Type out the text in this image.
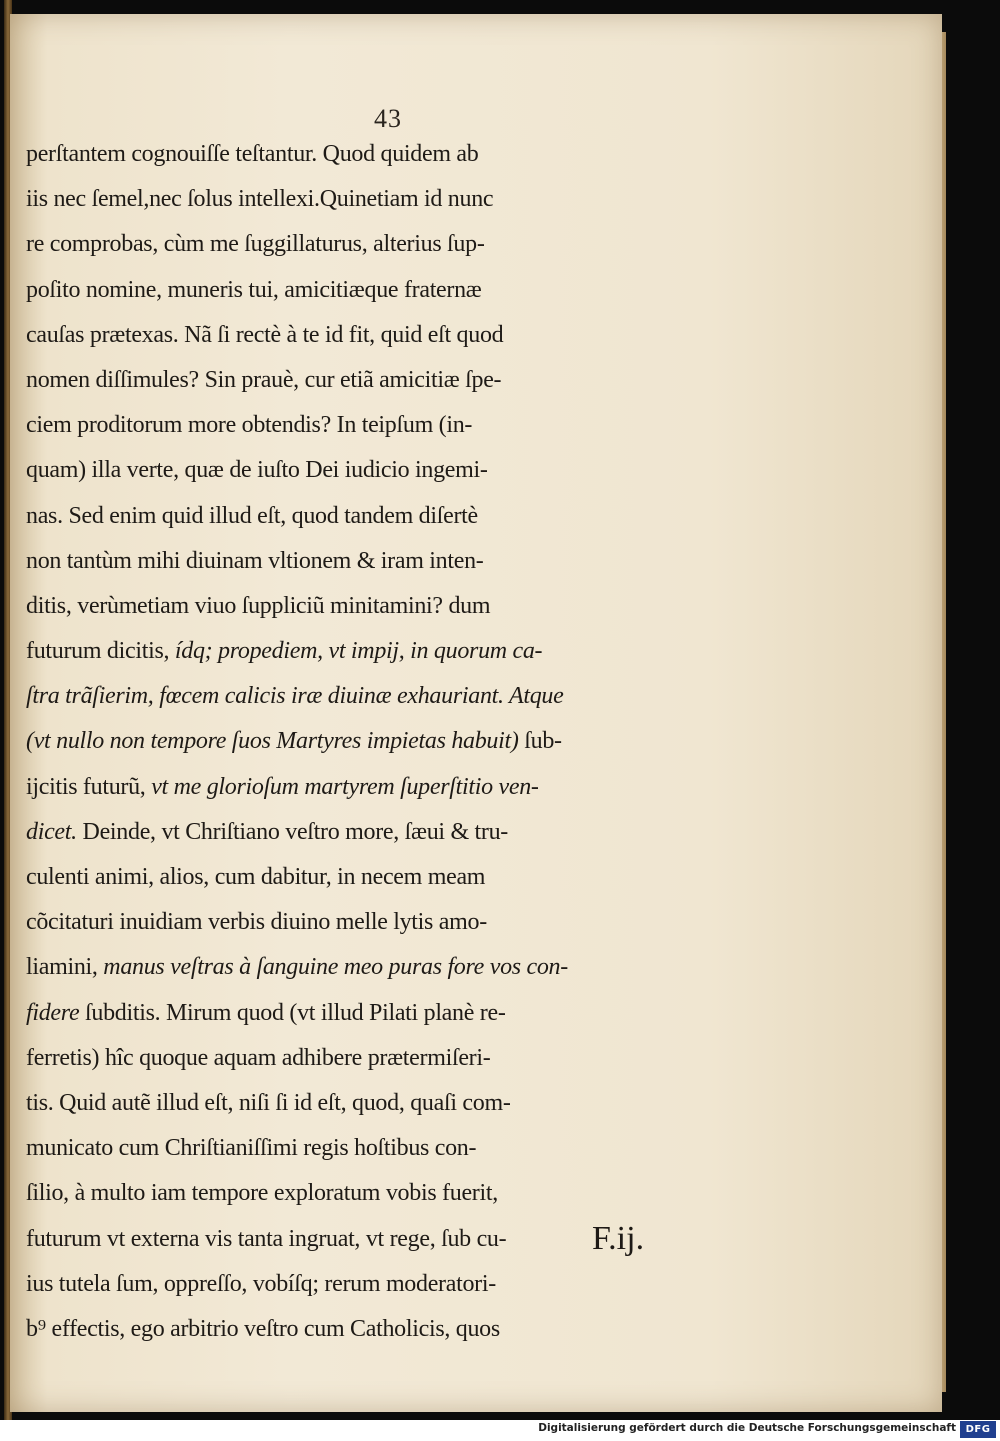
43
perſtantem cognouiſſe teſtantur. Quod quidem ab
iis nec ſemel,nec ſolus intellexi.Quinetiam id nunc
re comprobas, cùm me ſuggillaturus, alterius ſup-
poſito nomine, muneris tui, amicitiæque fraternæ
cauſas prætexas. Nã ſi rectè à te id fit, quid eſt quod
nomen diſſimules? Sin prauè, cur etiã amicitiæ ſpe-
ciem proditorum more obtendis? In teipſum (in-
quam) illa verte, quæ de iuſto Dei iudicio ingemi-
nas. Sed enim quid illud eſt, quod tandem diſertè
non tantùm mihi diuinam vltionem & iram inten-
ditis, verùmetiam viuo ſuppliciũ minitamini? dum
futurum dicitis, ídq; propediem, vt impij, in quorum ca-
ſtra trãſierim, fœcem calicis iræ diuinæ exhauriant. Atque
(vt nullo non tempore ſuos Martyres impietas habuit) ſub-
ijcitis futurũ, vt me glorioſum martyrem ſuperſtitio ven-
dicet. Deinde, vt Chriſtiano veſtro more, ſæui & tru-
culenti animi, alios, cum dabitur, in necem meam
cõcitaturi inuidiam verbis diuino melle lytis amo-
liamini, manus veſtras à ſanguine meo puras fore vos con-
fidere ſubditis. Mirum quod (vt illud Pilati planè re-
ferretis) hîc quoque aquam adhibere prætermiſeri-
tis. Quid autẽ illud eſt, niſi ſi id eſt, quod, quaſi com-
municato cum Chriſtianiſſimi regis hoſtibus con-
ſilio, à multo iam tempore exploratum vobis fuerit,
futurum vt externa vis tanta ingruat, vt rege, ſub cu-
ius tutela ſum, oppreſſo, vobíſq; rerum moderatori-
b⁹ effectis, ego arbitrio veſtro cum Catholicis, quos
F.ij.
Digitalisierung gefördert durch die Deutsche Forschungsgemeinschaft DFG
